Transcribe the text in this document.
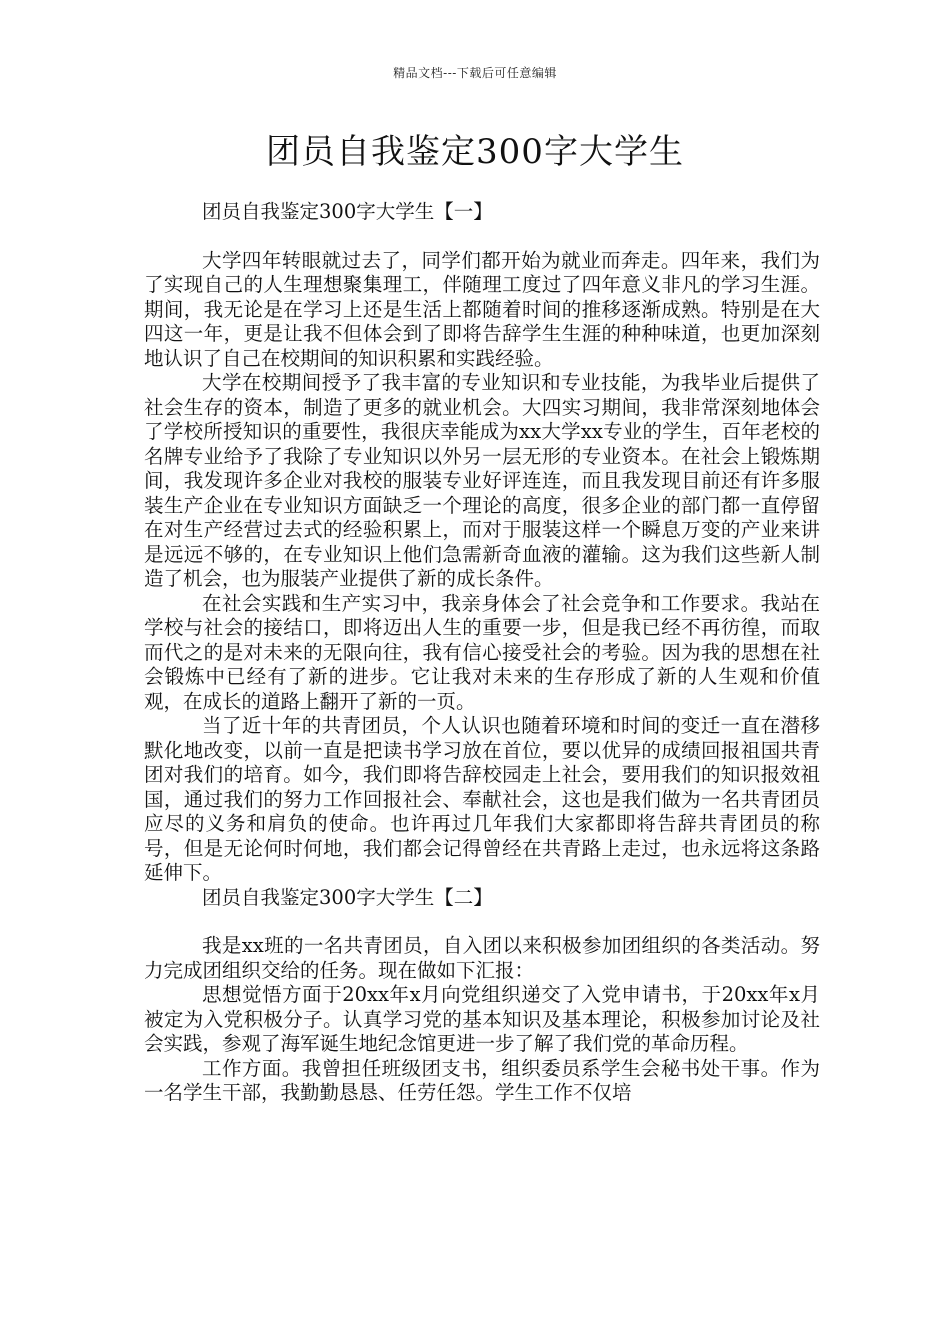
精品文档---下载后可任意编辑
团员自我鉴定300字大学生

团员自我鉴定300字大学生【一】

大学四年转眼就过去了，同学们都开始为就业而奔走。四年来，我们为了实现自己的人生理想聚集理工，伴随理工度过了四年意义非凡的学习生涯。期间，我无论是在学习上还是生活上都随着时间的推移逐渐成熟。特别是在大四这一年，更是让我不但体会到了即将告辞学生生涯的种种味道，也更加深刻地认识了自己在校期间的知识积累和实践经验。

大学在校期间授予了我丰富的专业知识和专业技能，为我毕业后提供了社会生存的资本，制造了更多的就业机会。大四实习期间，我非常深刻地体会了学校所授知识的重要性，我很庆幸能成为xx大学xx专业的学生，百年老校的名牌专业给予了我除了专业知识以外另一层无形的专业资本。在社会上锻炼期间，我发现许多企业对我校的服装专业好评连连，而且我发现目前还有许多服装生产企业在专业知识方面缺乏一个理论的高度，很多企业的部门都一直停留在对生产经营过去式的经验积累上，而对于服装这样一个瞬息万变的产业来讲是远远不够的，在专业知识上他们急需新奇血液的灌输。这为我们这些新人制造了机会，也为服装产业提供了新的成长条件。

在社会实践和生产实习中，我亲身体会了社会竞争和工作要求。我站在学校与社会的接结口，即将迈出人生的重要一步，但是我已经不再彷徨，而取而代之的是对未来的无限向往，我有信心接受社会的考验。因为我的思想在社会锻炼中已经有了新的进步。它让我对未来的生存形成了新的人生观和价值观，在成长的道路上翻开了新的一页。

当了近十年的共青团员，个人认识也随着环境和时间的变迁一直在潜移默化地改变，以前一直是把读书学习放在首位，要以优异的成绩回报祖国共青团对我们的培育。如今，我们即将告辞校园走上社会，要用我们的知识报效祖国，通过我们的努力工作回报社会、奉献社会，这也是我们做为一名共青团员应尽的义务和肩负的使命。也许再过几年我们大家都即将告辞共青团员的称号，但是无论何时何地，我们都会记得曾经在共青路上走过，也永远将这条路延伸下。

团员自我鉴定300字大学生【二】

我是xx班的一名共青团员，自入团以来积极参加团组织的各类活动。努力完成团组织交给的任务。现在做如下汇报：

思想觉悟方面于20xx年x月向党组织递交了入党申请书，于20xx年x月被定为入党积极分子。认真学习党的基本知识及基本理论，积极参加讨论及社会实践，参观了海军诞生地纪念馆更进一步了解了我们党的革命历程。

工作方面。我曾担任班级团支书，组织委员系学生会秘书处干事。作为一名学生干部，我勤勤恳恳、任劳任怨。学生工作不仅培
